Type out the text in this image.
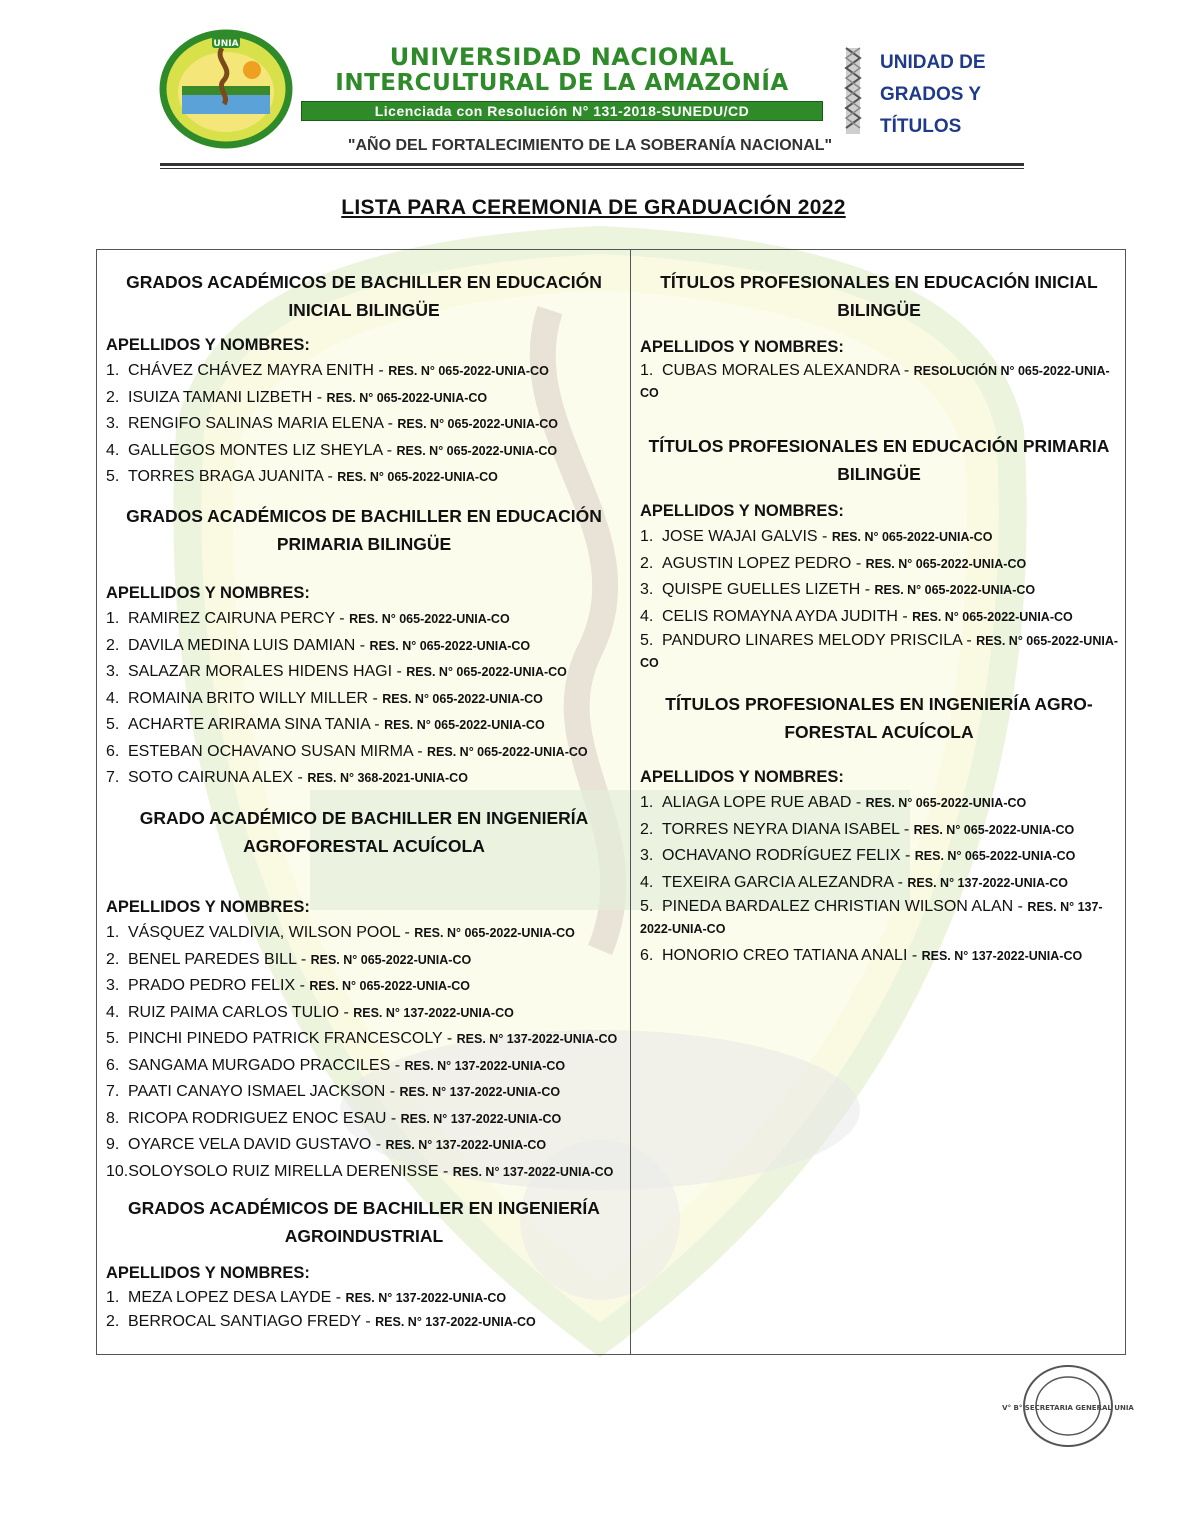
UNIA	UNIVERSIDAD NACIONAL
INTERCULTURAL DE LA AMAZONÍA
Licenciada con Resolución N° 131-2018-SUNEDU/CD
"AÑO DEL FORTALECIMIENTO DE LA SOBERANÍA NACIONAL"
UNIDAD DE
GRADOS Y
TÍTULOS
LISTA PARA CEREMONIA DE GRADUACIÓN 2022
GRADOS ACADÉMICOS DE BACHILLER EN EDUCACIÓN
INICIAL BILINGÜE
APELLIDOS Y NOMBRES:
1. CHÁVEZ CHÁVEZ MAYRA ENITH - RES. N° 065-2022-UNIA-CO
2. ISUIZA TAMANI LIZBETH - RES. N° 065-2022-UNIA-CO
3. RENGIFO SALINAS MARIA ELENA - RES. N° 065-2022-UNIA-CO
4. GALLEGOS MONTES LIZ SHEYLA - RES. N° 065-2022-UNIA-CO
5. TORRES BRAGA JUANITA - RES. N° 065-2022-UNIA-CO
GRADOS ACADÉMICOS DE BACHILLER EN EDUCACIÓN
PRIMARIA BILINGÜE
APELLIDOS Y NOMBRES:
1. RAMIREZ CAIRUNA PERCY - RES. N° 065-2022-UNIA-CO
2. DAVILA MEDINA LUIS DAMIAN - RES. N° 065-2022-UNIA-CO
3. SALAZAR MORALES HIDENS HAGI - RES. N° 065-2022-UNIA-CO
4. ROMAINA BRITO WILLY MILLER - RES. N° 065-2022-UNIA-CO
5. ACHARTE ARIRAMA SINA TANIA - RES. N° 065-2022-UNIA-CO
6. ESTEBAN OCHAVANO SUSAN MIRMA - RES. N° 065-2022-UNIA-CO
7. SOTO CAIRUNA ALEX - RES. N° 368-2021-UNIA-CO
GRADO ACADÉMICO DE BACHILLER EN INGENIERÍA
AGROFORESTAL ACUÍCOLA
APELLIDOS Y NOMBRES:
1. VÁSQUEZ VALDIVIA, WILSON POOL - RES. N° 065-2022-UNIA-CO
2. BENEL PAREDES BILL - RES. N° 065-2022-UNIA-CO
3. PRADO PEDRO FELIX - RES. N° 065-2022-UNIA-CO
4. RUIZ PAIMA CARLOS TULIO - RES. N° 137-2022-UNIA-CO
5. PINCHI PINEDO PATRICK FRANCESCOLY - RES. N° 137-2022-UNIA-CO
6. SANGAMA MURGADO PRACCILES - RES. N° 137-2022-UNIA-CO
7. PAATI CANAYO ISMAEL JACKSON - RES. N° 137-2022-UNIA-CO
8. RICOPA RODRIGUEZ ENOC ESAU - RES. N° 137-2022-UNIA-CO
9. OYARCE VELA DAVID GUSTAVO - RES. N° 137-2022-UNIA-CO
10.SOLOYSOLO RUIZ MIRELLA DERENISSE - RES. N° 137-2022-UNIA-CO
GRADOS ACADÉMICOS DE BACHILLER EN INGENIERÍA
AGROINDUSTRIAL
APELLIDOS Y NOMBRES:
1. MEZA LOPEZ DESA LAYDE - RES. N° 137-2022-UNIA-CO
2. BERROCAL SANTIAGO FREDY - RES. N° 137-2022-UNIA-CO
TÍTULOS PROFESIONALES EN EDUCACIÓN INICIAL
BILINGÜE
APELLIDOS Y NOMBRES:
1. CUBAS MORALES ALEXANDRA - RESOLUCIÓN N° 065-2022-UNIA-CO
TÍTULOS PROFESIONALES EN EDUCACIÓN PRIMARIA
BILINGÜE
APELLIDOS Y NOMBRES:
1. JOSE WAJAI GALVIS - RES. N° 065-2022-UNIA-CO
2. AGUSTIN LOPEZ PEDRO - RES. N° 065-2022-UNIA-CO
3. QUISPE GUELLES LIZETH - RES. N° 065-2022-UNIA-CO
4. CELIS ROMAYNA AYDA JUDITH - RES. N° 065-2022-UNIA-CO
5. PANDURO LINARES MELODY PRISCILA - RES. N° 065-2022-UNIA-CO
TÍTULOS PROFESIONALES EN INGENIERÍA AGRO-
FORESTAL ACUÍCOLA
APELLIDOS Y NOMBRES:
1. ALIAGA LOPE RUE ABAD - RES. N° 065-2022-UNIA-CO
2. TORRES NEYRA DIANA ISABEL - RES. N° 065-2022-UNIA-CO
3. OCHAVANO RODRÍGUEZ FELIX - RES. N° 065-2022-UNIA-CO
4. TEXEIRA GARCIA ALEZANDRA - RES. N° 137-2022-UNIA-CO
5. PINEDA BARDALEZ CHRISTIAN WILSON ALAN - RES. N° 137-2022-UNIA-CO
6. HONORIO CREO TATIANA ANALI - RES. N° 137-2022-UNIA-CO
V° B° SECRETARIA GENERAL UNIA
